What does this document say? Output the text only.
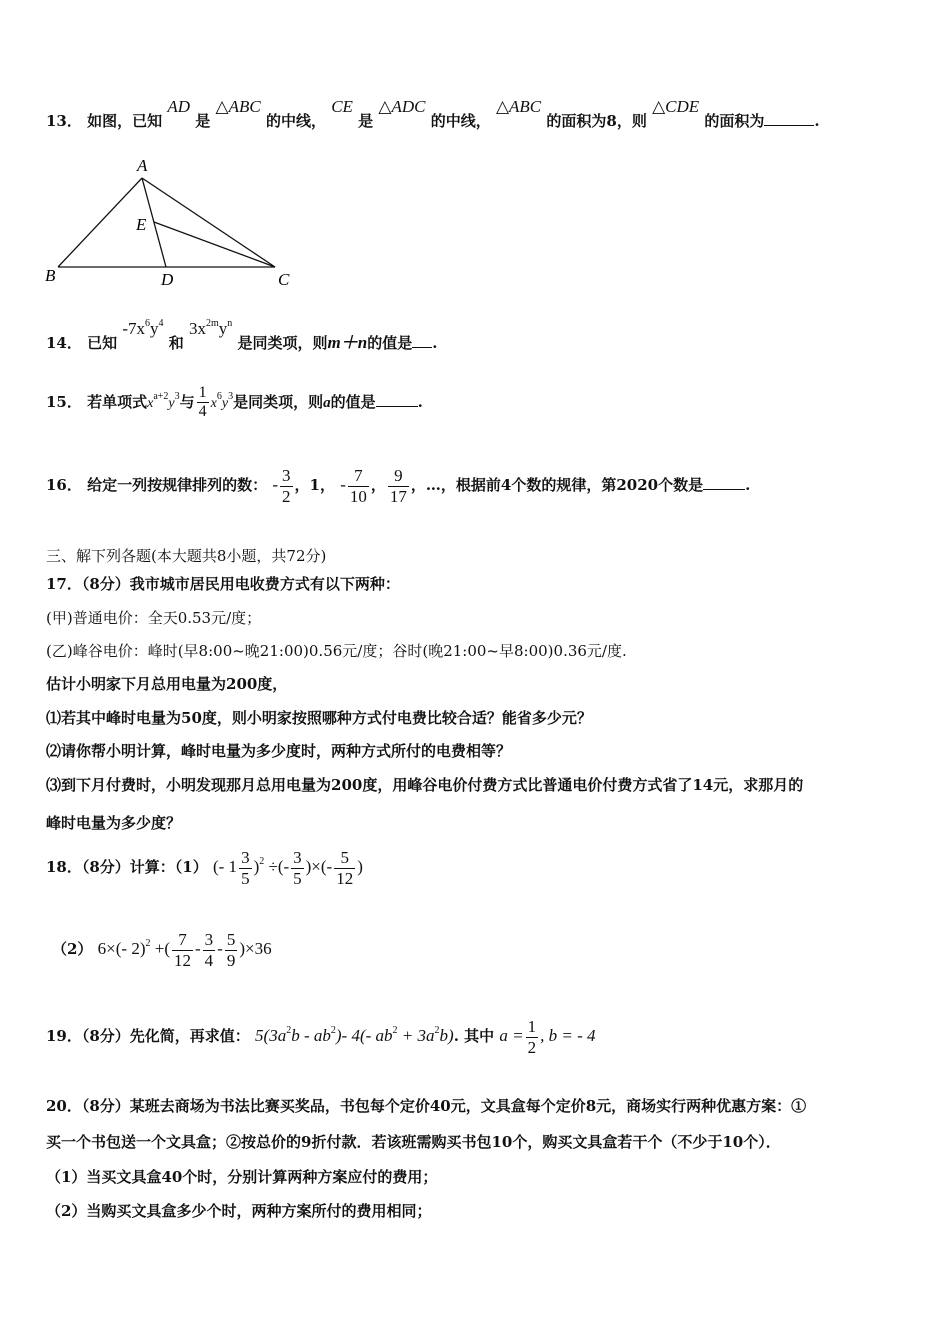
13． 如图，已知 AD 是 △ABC 的中线， CE 是 △ADC 的中线， △ABC 的面积为8，则 △CDE 的面积为	.
A
B	C
D
E
14． 已知 $-7x^6y^4$ 和 $3x^{2m}y^n$ 是同类项，则m＋n的值是 .
15． 若单项式$x^{a+2}y^3$与 $\frac{1}{4} x^6y^3$是同类项，则a的值是	.
16． 给定一列按规律排列的数： - $\frac{3}{2}$ ，1， - $\frac{7}{10}$ ， $\frac{9}{17}$ ，…，根据前4个数的规律，第2020个数是	.
三、解下列各题(本大题共8小题，共72分)
17．（8分）我市城市居民用电收费方式有以下两种：
(甲)普通电价：全天0.53元/度；
(乙)峰谷电价：峰时(早8:00~晚21:00)0.56元/度；谷时(晚21:00~早8:00)0.36元/度.
估计小明家下月总用电量为200度，
⑴若其中峰时电量为50度，则小明家按照哪种方式付电费比较合适？能省多少元？
⑵请你帮小明计算，峰时电量为多少度时，两种方式所付的电费相等？
⑶到下月付费时，小明发现那月总用电量为200度，用峰谷电价付费方式比普通电价付费方式省了14元，求那月的
峰时电量为多少度？
18．（8分）计算：（1） (- $1 \frac{3}{5} )^2$ ÷(- $\frac{3}{5}$ )×(- $\frac{5}{12}$ )
（2） 6×(- 2)$^2$ +( $\frac{7}{12} - \frac{3}{4} - \frac{5}{9} )\times 36$
19．（8分）先化简，再求值： $5(3a^2b - ab^2)-$ 4(- $ab^2 + 3a^2b$). 其中 $a = \frac{1}{2}$ , b = - 4
20．（8分）某班去商场为书法比赛买奖品，书包每个定价40元，文具盒每个定价8元，商场实行两种优惠方案：①
买一个书包送一个文具盒；②按总价的9折付款．若该班需购买书包10个，购买文具盒若干个（不少于10个）．
（1）当买文具盒40个时，分别计算两种方案应付的费用；
（2）当购买文具盒多少个时，两种方案所付的费用相同；
